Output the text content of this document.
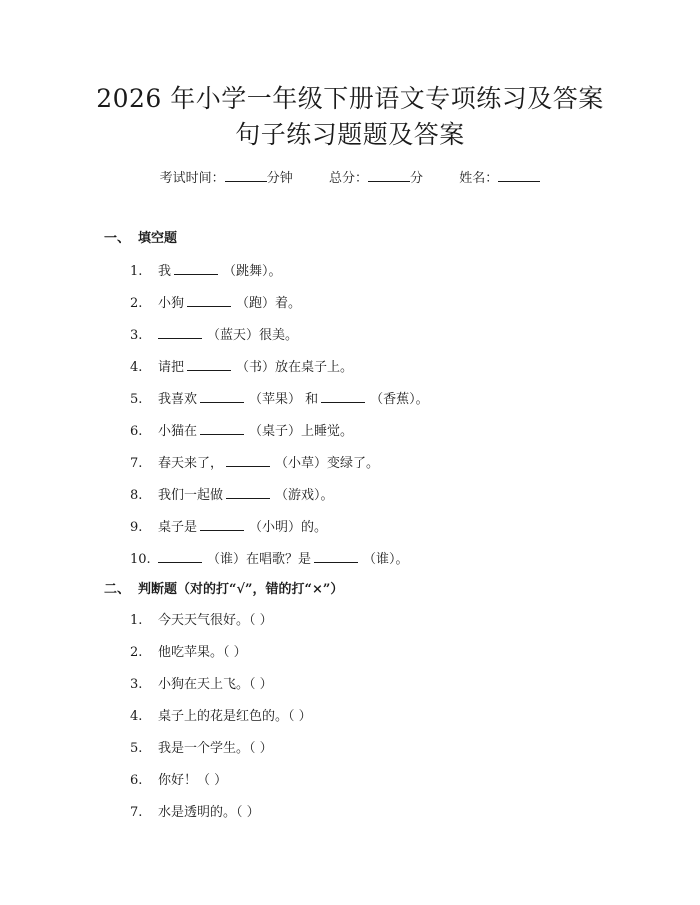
2026 年小学一年级下册语文专项练习及答案
句子练习题题及答案
考试时间：	分钟	总分：	分	姓名：
一、 填空题
1. 我	（跳舞）。
2. 小狗	（跑）着。
3.	（蓝天）很美。
4. 请把	（书）放在桌子上。
5. 我喜欢	（苹果） 和	（香蕉）。
6. 小猫在	（桌子）上睡觉。
7. 春天来了，	（小草）变绿了。
8. 我们一起做	（游戏）。
9. 桌子是	（小明）的。
10.	（谁）在唱歌？是	（谁）。
二、 判断题（对的打“√”，错的打“×”）
1. 今天天气很好。（ ）
2. 他吃苹果。（ ）
3. 小狗在天上飞。（ ）
4. 桌子上的花是红色的。（ ）
5. 我是一个学生。（ ）
6. 你好！（ ）
7. 水是透明的。（ ）
